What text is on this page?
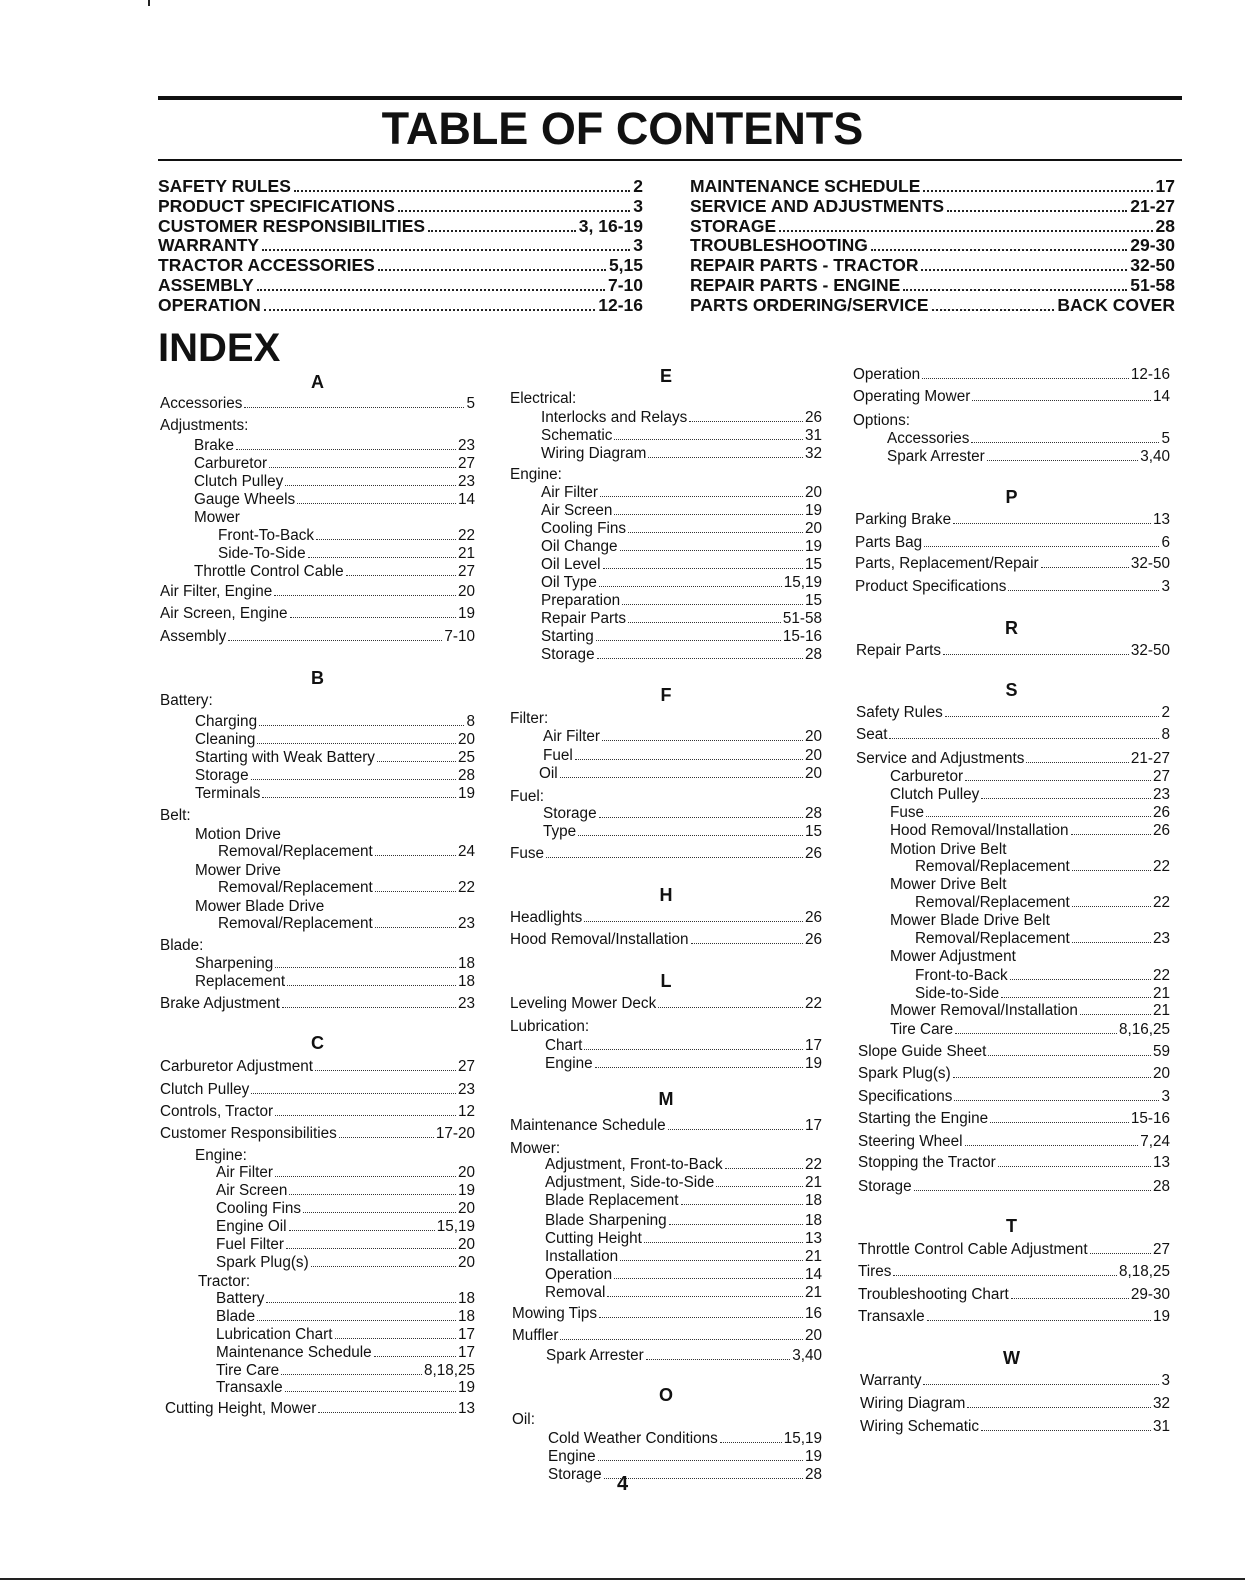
TABLE OF CONTENTS
SAFETY RULES	2
PRODUCT SPECIFICATIONS	3
CUSTOMER RESPONSIBILITIES	3, 16-19
WARRANTY	3
TRACTOR ACCESSORIES	5,15
ASSEMBLY	7-10
OPERATION	12-16
MAINTENANCE SCHEDULE	17
SERVICE AND ADJUSTMENTS	21-27
STORAGE	28
TROUBLESHOOTING	29-30
REPAIR PARTS - TRACTOR	32-50
REPAIR PARTS - ENGINE	51-58
PARTS ORDERING/SERVICE	BACK COVER
INDEX
A
Accessories	5
Adjustments:
Brake	23
Carburetor	27
Clutch Pulley	23
Gauge Wheels	14
Mower
Front-To-Back	22
Side-To-Side	21
Throttle Control Cable	27
Air Filter, Engine	20
Air Screen, Engine	19
Assembly	7-10
B
Battery:
Charging	8
Cleaning	20
Starting with Weak Battery	25
Storage	28
Terminals	19
Belt:
Motion Drive
Removal/Replacement	24
Mower Drive
Removal/Replacement	22
Mower Blade Drive
Removal/Replacement	23
Blade:
Sharpening	18
Replacement	18
Brake Adjustment	23
C
Carburetor Adjustment	27
Clutch Pulley	23
Controls, Tractor	12
Customer Responsibilities	17-20
Engine:
Air Filter	20
Air Screen	19
Cooling Fins	20
Engine Oil	15,19
Fuel Filter	20
Spark Plug(s)	20
Tractor:
Battery	18
Blade	18
Lubrication Chart	17
Maintenance Schedule	17
Tire Care	8,18,25
Transaxle	19
Cutting Height, Mower	13
E
Electrical:
Interlocks and Relays	26
Schematic	31
Wiring Diagram	32
Engine:
Air Filter	20
Air Screen	19
Cooling Fins	20
Oil Change	19
Oil Level	15
Oil Type	15,19
Preparation	15
Repair Parts	51-58
Starting	15-16
Storage	28
F
Filter:
Air Filter	20
Fuel	20
Oil	20
Fuel:
Storage	28
Type	15
Fuse	26
H
Headlights	26
Hood Removal/Installation	26
L
Leveling Mower Deck	22
Lubrication:
Chart	17
Engine	19
M
Maintenance Schedule	17
Mower:
Adjustment, Front-to-Back	22
Adjustment, Side-to-Side	21
Blade Replacement	18
Blade Sharpening	18
Cutting Height	13
Installation	21
Operation	14
Removal	21
Mowing Tips	16
Muffler	20
Spark Arrester	3,40
O
Oil:
Cold Weather Conditions	15,19
Engine	19
Storage	28
Operation	12-16
Operating Mower	14
Options:
Accessories	5
Spark Arrester	3,40
P
Parking Brake	13
Parts Bag	6
Parts, Replacement/Repair	32-50
Product Specifications	3
R
Repair Parts	32-50
S
Safety Rules	2
Seat	8
Service and Adjustments	21-27
Carburetor	27
Clutch Pulley	23
Fuse	26
Hood Removal/Installation	26
Motion Drive Belt
Removal/Replacement	22
Mower Drive Belt
Removal/Replacement	22
Mower Blade Drive Belt
Removal/Replacement	23
Mower Adjustment
Front-to-Back	22
Side-to-Side	21
Mower Removal/Installation	21
Tire Care	8,16,25
Slope Guide Sheet	59
Spark Plug(s)	20
Specifications	3
Starting the Engine	15-16
Steering Wheel	7,24
Stopping the Tractor	13
Storage	28
T
Throttle Control Cable Adjustment	27
Tires	8,18,25
Troubleshooting Chart	29-30
Transaxle	19
W
Warranty	3
Wiring Diagram	32
Wiring Schematic	31
4
